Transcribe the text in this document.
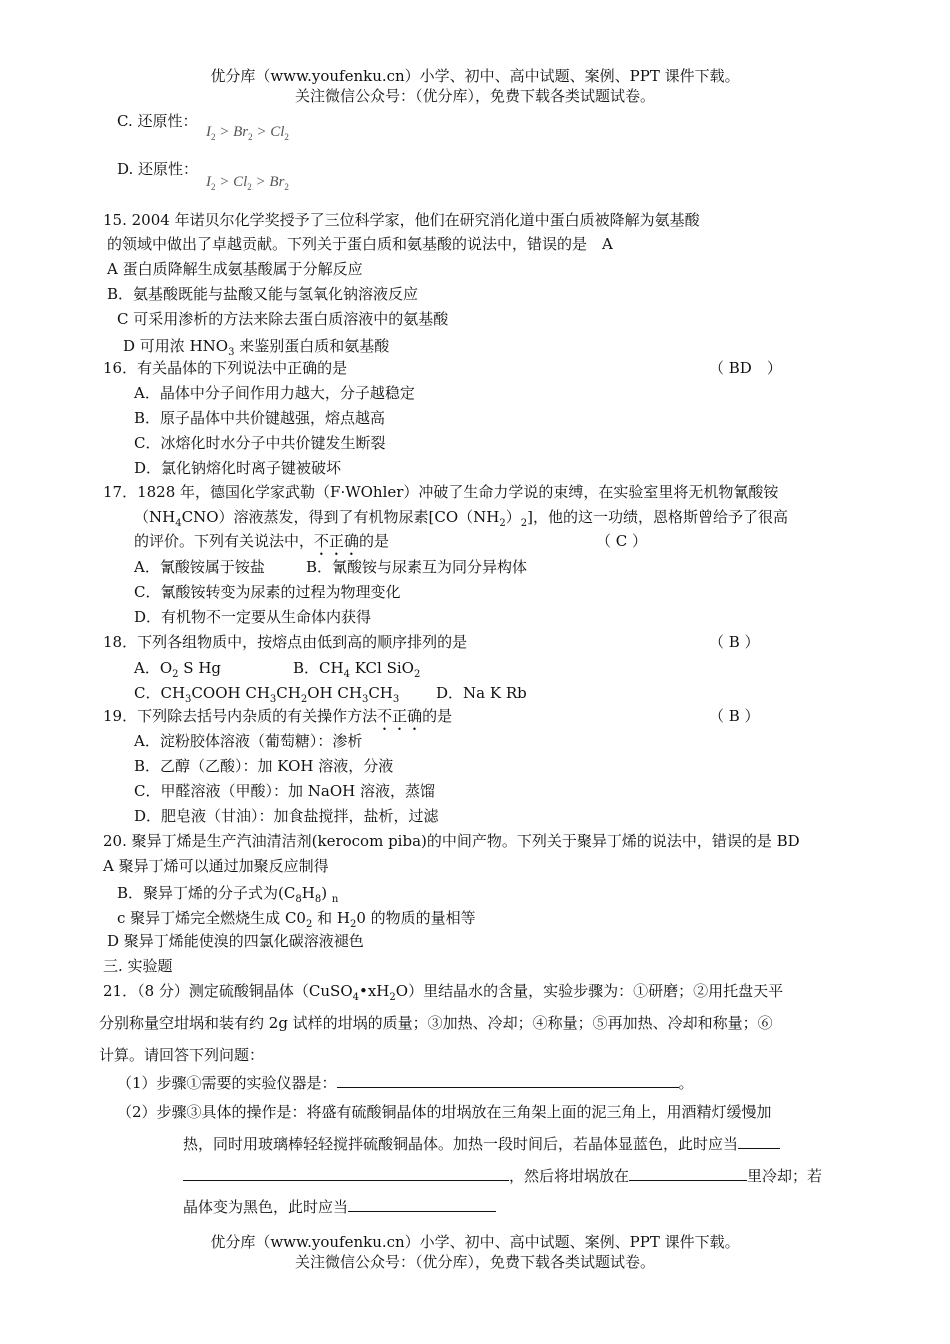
优分库（www.youfenku.cn）小学、初中、高中试题、案例、PPT 课件下载。
关注微信公众号：（优分库），免费下载各类试题试卷。
C. 还原性：
$I_2 > Br_2 > Cl_2$
D. 还原性：
$I_2 > Cl_2 > Br_2$
15. 2004 年诺贝尔化学奖授予了三位科学家，他们在研究消化道中蛋白质被降解为氨基酸
的领域中做出了卓越贡献。下列关于蛋白质和氨基酸的说法中，错误的是　A
A 蛋白质降解生成氨基酸属于分解反应
B．氨基酸既能与盐酸又能与氢氧化钠溶液反应
C 可采用渗析的方法来除去蛋白质溶液中的氨基酸
D 可用浓 $HNO_3$ 来鉴别蛋白质和氨基酸
16．有关晶体的下列说法中正确的是	（ BD　）
A．晶体中分子间作用力越大，分子越稳定
B．原子晶体中共价键越强，熔点越高
C．冰熔化时水分子中共价键发生断裂
D．氯化钠熔化时离子键被破坏
17．1828 年，德国化学家武勒（F·WOhler）冲破了生命力学说的束缚，在实验室里将无机物氰酸铵
$(NH_4CNO)$溶液蒸发，得到了有机物尿素$[CO(NH_2)_2]$，他的这一功绩，恩格斯曾给予了很高
的评价。下列有关说法中，不正确的是	（ C ）
A．氰酸铵属于铵盐	B．氰酸铵与尿素互为同分异构体
C．氰酸铵转变为尿素的过程为物理变化
D．有机物不一定要从生命体内获得
18．下列各组物质中，按熔点由低到高的顺序排列的是	（ B ）
A．$O_2$ S Hg	B．$CH_4$ KCl SiO$_2$
C．$CH_3COOH$ $CH_3CH_2OH$ $CH_3CH_3$ D．Na K Rb
19．下列除去括号内杂质的有关操作方法不正确的是	（ B ）
A．淀粉胶体溶液（葡萄糖）：渗析
B．乙醇（乙酸）：加 KOH 溶液，分液
C．甲醛溶液（甲酸）：加 NaOH 溶液，蒸馏
D．肥皂液（甘油）：加食盐搅拌，盐析，过滤
20. 聚异丁烯是生产汽油清洁剂(kerocom piba)的中间产物。下列关于聚异丁烯的说法中，错误的是 BD
A 聚异丁烯可以通过加聚反应制得
B．聚异丁烯的分子式为$(C_8H_8)$ $_n$
c 聚异丁烯完全燃烧生成 $C0_2$ 和 $H_20$ 的物质的量相等
D 聚异丁烯能使溴的四氯化碳溶液褪色
三. 实验题
21．（8 分）测定硫酸铜晶体$(CuSO_4•xH_2O)$里结晶水的含量，实验步骤为：①研磨；②用托盘天平
分别称量空坩埚和装有约 2g 试样的坩埚的质量；③加热、冷却；④称量；⑤再加热、冷却和称量；⑥
计算。请回答下列问题：
（1）步骤①需要的实验仪器是：	。
（2）步骤③具体的操作是：将盛有硫酸铜晶体的坩埚放在三角架上面的泥三角上，用酒精灯缓慢加
热，同时用玻璃棒轻轻搅拌硫酸铜晶体。加热一段时间后，若晶体显蓝色，此时应当
，然后将坩埚放在	里冷却；若
晶体变为黑色，此时应当
优分库（www.youfenku.cn）小学、初中、高中试题、案例、PPT 课件下载。
关注微信公众号：（优分库），免费下载各类试题试卷。
